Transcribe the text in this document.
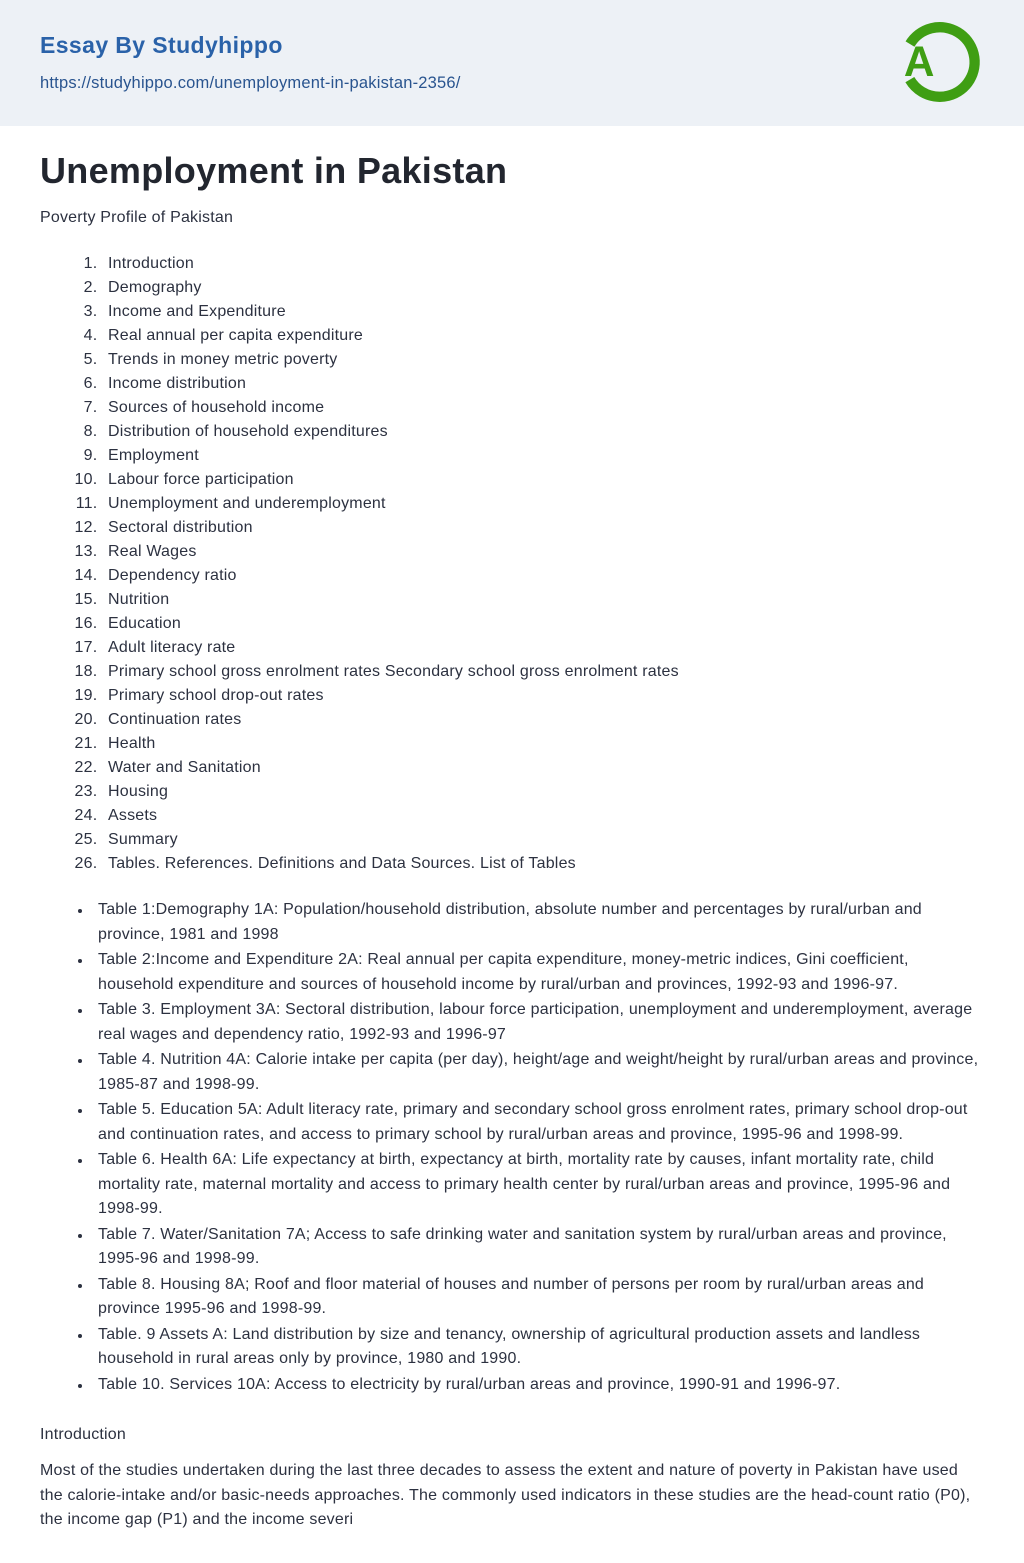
Essay By Studyhippo
https://studyhippo.com/unemployment-in-pakistan-2356/	A
Unemployment in Pakistan

Poverty Profile of Pakistan

1. Introduction
2. Demography
3. Income and Expenditure
4. Real annual per capita expenditure
5. Trends in money metric poverty
6. Income distribution
7. Sources of household income
8. Distribution of household expenditures
9. Employment
10. Labour force participation
11. Unemployment and underemployment
12. Sectoral distribution
13. Real Wages
14. Dependency ratio
15. Nutrition
16. Education
17. Adult literacy rate
18. Primary school gross enrolment rates Secondary school gross enrolment rates
19. Primary school drop-out rates
20. Continuation rates
21. Health
22. Water and Sanitation
23. Housing
24. Assets
25. Summary
26. Tables. References. Definitions and Data Sources. List of Tables
• Table 1:Demography 1A: Population/household distribution, absolute number and percentages by rural/urban and province, 1981 and 1998
• Table 2:Income and Expenditure 2A: Real annual per capita expenditure, money-metric indices, Gini coefficient, household expenditure and sources of household income by rural/urban and provinces, 1992-93 and 1996-97.
• Table 3. Employment 3A: Sectoral distribution, labour force participation, unemployment and underemployment, average real wages and dependency ratio, 1992-93 and 1996-97
• Table 4. Nutrition 4A: Calorie intake per capita (per day), height/age and weight/height by rural/urban areas and province, 1985-87 and 1998-99.
• Table 5. Education 5A: Adult literacy rate, primary and secondary school gross enrolment rates, primary school drop-out and continuation rates, and access to primary school by rural/urban areas and province, 1995-96 and 1998-99.
• Table 6. Health 6A: Life expectancy at birth, expectancy at birth, mortality rate by causes, infant mortality rate, child mortality rate, maternal mortality and access to primary health center by rural/urban areas and province, 1995-96 and 1998-99.
• Table 7. Water/Sanitation 7A; Access to safe drinking water and sanitation system by rural/urban areas and province, 1995-96 and 1998-99.
• Table 8. Housing 8A; Roof and floor material of houses and number of persons per room by rural/urban areas and province 1995-96 and 1998-99.
• Table. 9 Assets A: Land distribution by size and tenancy, ownership of agricultural production assets and landless household in rural areas only by province, 1980 and 1990.
• Table 10. Services 10A: Access to electricity by rural/urban areas and province, 1990-91 and 1996-97.

Introduction

Most of the studies undertaken during the last three decades to assess the extent and nature of poverty in Pakistan have used the calorie-intake and/or basic-needs approaches. The commonly used indicators in these studies are the head-count ratio (P0), the income gap (P1) and the income severi
